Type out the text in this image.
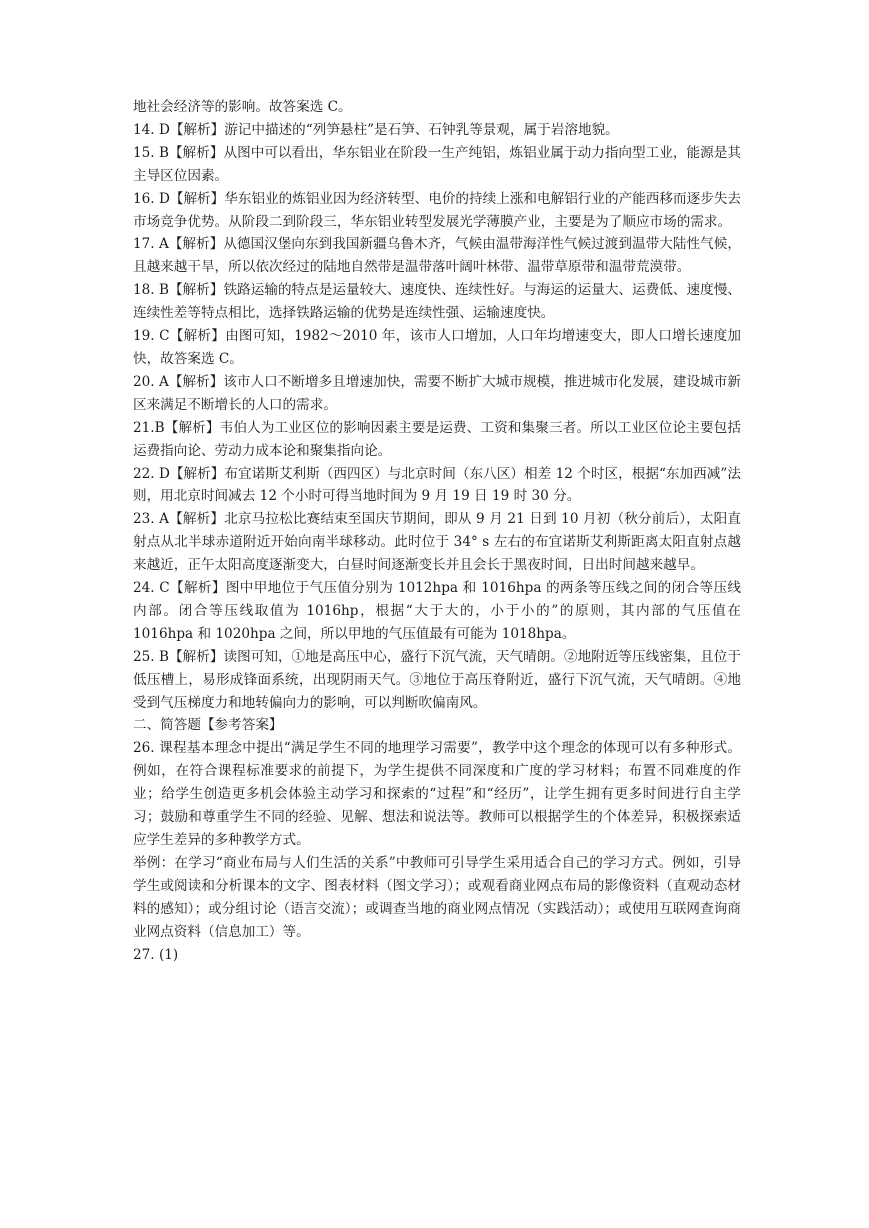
地社会经济等的影响。故答案选 C。

14. D【解析】游记中描述的“列笋悬柱”是石笋、石钟乳等景观，属于岩溶地貌。

15. B【解析】从图中可以看出，华东铝业在阶段一生产纯铝，炼铝业属于动力指向型工业，能源是其主导区位因素。

16. D【解析】华东铝业的炼铝业因为经济转型、电价的持续上涨和电解铝行业的产能西移而逐步失去市场竞争优势。从阶段二到阶段三，华东铝业转型发展光学薄膜产业，主要是为了顺应市场的需求。

17. A【解析】从德国汉堡向东到我国新疆乌鲁木齐，气候由温带海洋性气候过渡到温带大陆性气候，且越来越干旱，所以依次经过的陆地自然带是温带落叶阔叶林带、温带草原带和温带荒漠带。

18. B【解析】铁路运输的特点是运量较大、速度快、连续性好。与海运的运量大、运费低、速度慢、连续性差等特点相比，选择铁路运输的优势是连续性强、运输速度快。

19. C【解析】由图可知，1982～2010 年，该市人口增加，人口年均增速变大，即人口增长速度加快，故答案选 C。

20. A【解析】该市人口不断增多且增速加快，需要不断扩大城市规模，推进城市化发展，建设城市新区来满足不断增长的人口的需求。

21.B【解析】韦伯人为工业区位的影响因素主要是运费、工资和集聚三者。所以工业区位论主要包括运费指向论、劳动力成本论和聚集指向论。

22. D【解析】布宜诺斯艾利斯（西四区）与北京时间（东八区）相差 12 个时区，根据“东加西减”法则，用北京时间减去 12 个小时可得当地时间为 9 月 19 日 19 时 30 分。

23. A【解析】北京马拉松比赛结束至国庆节期间，即从 9 月 21 日到 10 月初（秋分前后），太阳直射点从北半球赤道附近开始向南半球移动。此时位于 34° s 左右的布宜诺斯艾利斯距离太阳直射点越来越近，正午太阳高度逐渐变大，白昼时间逐渐变长并且会长于黑夜时间，日出时间越来越早。

24. C【解析】图中甲地位于气压值分别为 1012hpa 和 1016hpa 的两条等压线之间的闭合等压线内部。闭合等压线取值为 1016hp，根据“大于大的，小于小的”的原则，其内部的气压值在 1016hpa 和 1020hpa 之间，所以甲地的气压值最有可能为 1018hpa。

25. B【解析】读图可知，①地是高压中心，盛行下沉气流，天气晴朗。②地附近等压线密集，且位于低压槽上，易形成锋面系统，出现阴雨天气。③地位于高压脊附近，盛行下沉气流，天气晴朗。④地受到气压梯度力和地转偏向力的影响，可以判断吹偏南风。

二、简答题【参考答案】

26. 课程基本理念中提出“满足学生不同的地理学习需要”，教学中这个理念的体现可以有多种形式。例如，在符合课程标准要求的前提下，为学生提供不同深度和广度的学习材料；布置不同难度的作业；给学生创造更多机会体验主动学习和探索的“过程”和“经历”，让学生拥有更多时间进行自主学习；鼓励和尊重学生不同的经验、见解、想法和说法等。教师可以根据学生的个体差异，积极探索适应学生差异的多种教学方式。

举例：在学习“商业布局与人们生活的关系”中教师可引导学生采用适合自己的学习方式。例如，引导学生或阅读和分析课本的文字、图表材料（图文学习）；或观看商业网点布局的影像资料（直观动态材料的感知）；或分组讨论（语言交流）；或调查当地的商业网点情况（实践活动）；或使用互联网查询商业网点资料（信息加工）等。

27. (1)
